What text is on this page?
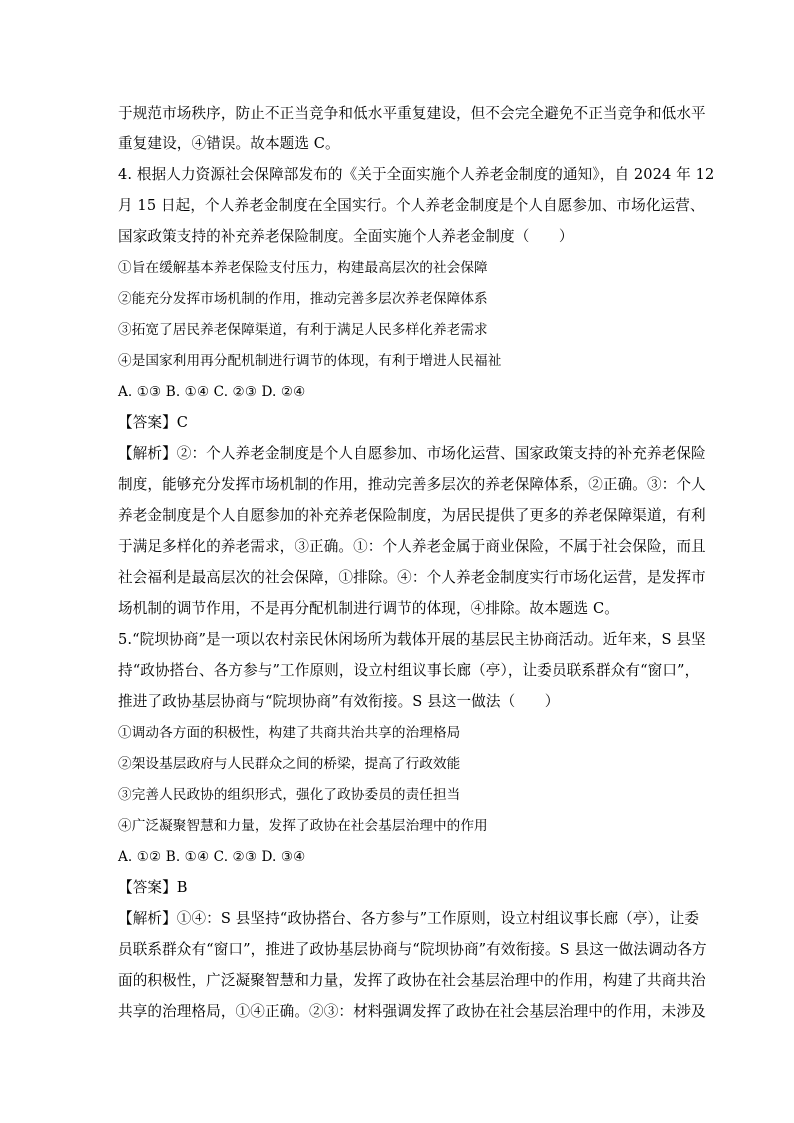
于规范市场秩序，防止不正当竞争和低水平重复建设，但不会完全避免不正当竞争和低水平
重复建设，④错误。故本题选 C。
4. 根据人力资源社会保障部发布的《关于全面实施个人养老金制度的通知》，自 2024 年 12
月 15 日起，个人养老金制度在全国实行。个人养老金制度是个人自愿参加、市场化运营、
国家政策支持的补充养老保险制度。全面实施个人养老金制度（　　）
①旨在缓解基本养老保险支付压力，构建最高层次的社会保障
②能充分发挥市场机制的作用，推动完善多层次养老保障体系
③拓宽了居民养老保障渠道，有利于满足人民多样化养老需求
④是国家利用再分配机制进行调节的体现，有利于增进人民福祉
A. ①③ B. ①④ C. ②③ D. ②④
【答案】C
【解析】②：个人养老金制度是个人自愿参加、市场化运营、国家政策支持的补充养老保险
制度，能够充分发挥市场机制的作用，推动完善多层次的养老保障体系，②正确。③：个人
养老金制度是个人自愿参加的补充养老保险制度，为居民提供了更多的养老保障渠道，有利
于满足多样化的养老需求，③正确。①：个人养老金属于商业保险，不属于社会保险，而且
社会福利是最高层次的社会保障，①排除。④：个人养老金制度实行市场化运营，是发挥市
场机制的调节作用，不是再分配机制进行调节的体现，④排除。故本题选 C。
5.“院坝协商”是一项以农村亲民休闲场所为载体开展的基层民主协商活动。近年来，S 县坚
持“政协搭台、各方参与”工作原则，设立村组议事长廊（亭），让委员联系群众有“窗口”，
推进了政协基层协商与“院坝协商”有效衔接。S 县这一做法（　　）
①调动各方面的积极性，构建了共商共治共享的治理格局
②架设基层政府与人民群众之间的桥梁，提高了行政效能
③完善人民政协的组织形式，强化了政协委员的责任担当
④广泛凝聚智慧和力量，发挥了政协在社会基层治理中的作用
A. ①② B. ①④ C. ②③ D. ③④
【答案】B
【解析】①④：S 县坚持“政协搭台、各方参与”工作原则，设立村组议事长廊（亭），让委
员联系群众有“窗口”，推进了政协基层协商与“院坝协商”有效衔接。S 县这一做法调动各方
面的积极性，广泛凝聚智慧和力量，发挥了政协在社会基层治理中的作用，构建了共商共治
共享的治理格局，①④正确。②③：材料强调发挥了政协在社会基层治理中的作用，未涉及
